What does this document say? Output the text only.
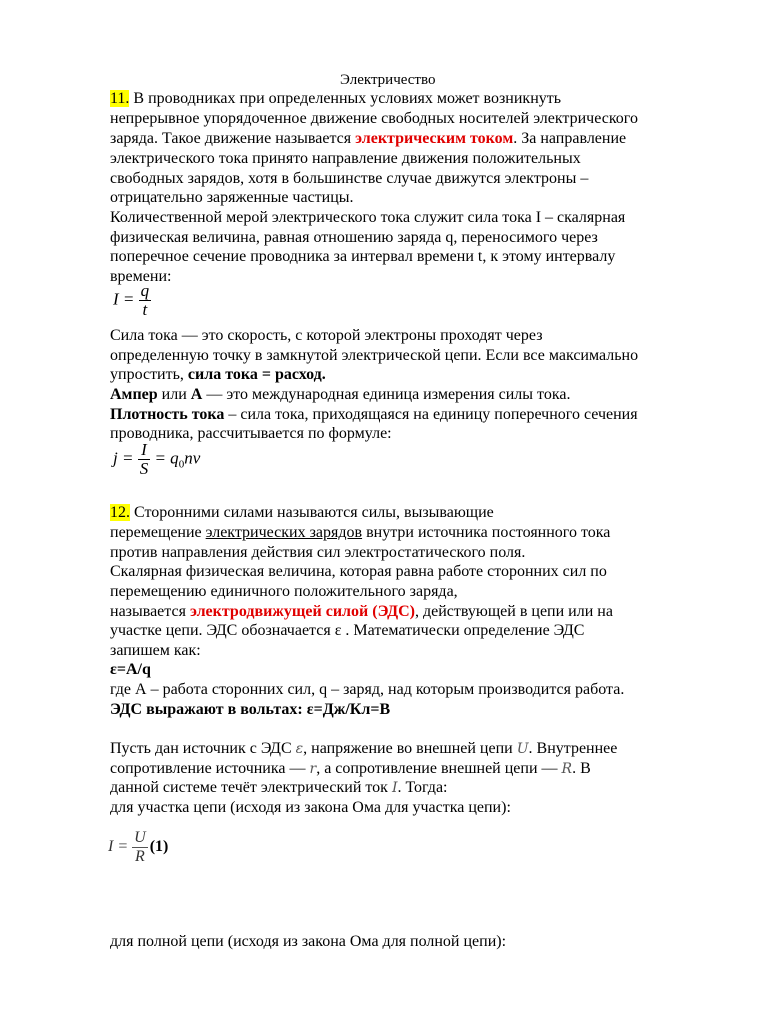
Электричество
11. В проводниках при определенных условиях может возникнуть
непрерывное упорядоченное движение свободных носителей электрического
заряда. Такое движение называется электрическим током. За направление
электрического тока принято направление движения положительных
свободных зарядов, хотя в большинстве случае движутся электроны –
отрицательно заряженные частицы.
Количественной мерой электрического тока служит сила тока I – скалярная
физическая величина, равная отношению заряда q, переносимого через
поперечное сечение проводника за интервал времени t, к этому интервалу
времени:
$I = \frac{q}{t}$
Сила тока — это скорость, с которой электроны проходят через
определенную точку в замкнутой электрической цепи. Если все максимально
упростить, сила тока = расход.
Ампер или А — это международная единица измерения силы тока.
Плотность тока – сила тока, приходящаяся на единицу поперечного сечения
проводника, рассчитывается по формуле:
$j = \frac{I}{S} = q_0nv$
12. Сторонними силами называются силы, вызывающие
перемещение электрических зарядов внутри источника постоянного тока
против направления действия сил электростатического поля.
Скалярная физическая величина, которая равна работе сторонних сил по
перемещению единичного положительного заряда,
называется электродвижущей силой (ЭДС), действующей в цепи или на
участке цепи. ЭДС обозначается ε . Математически определение ЭДС
запишем как:
ε=A/q
где А – работа сторонних сил, q – заряд, над которым производится работа.
ЭДС выражают в вольтах: ε=Дж/Кл=В
Пусть дан источник с ЭДС ε, напряжение во внешней цепи U. Внутреннее
сопротивление источника — r, а сопротивление внешней цепи — R. В
данной системе течёт электрический ток I. Тогда:
для участка цепи (исходя из закона Ома для участка цепи):
$I = \frac{U}{R} (1)$
для полной цепи (исходя из закона Ома для полной цепи):
